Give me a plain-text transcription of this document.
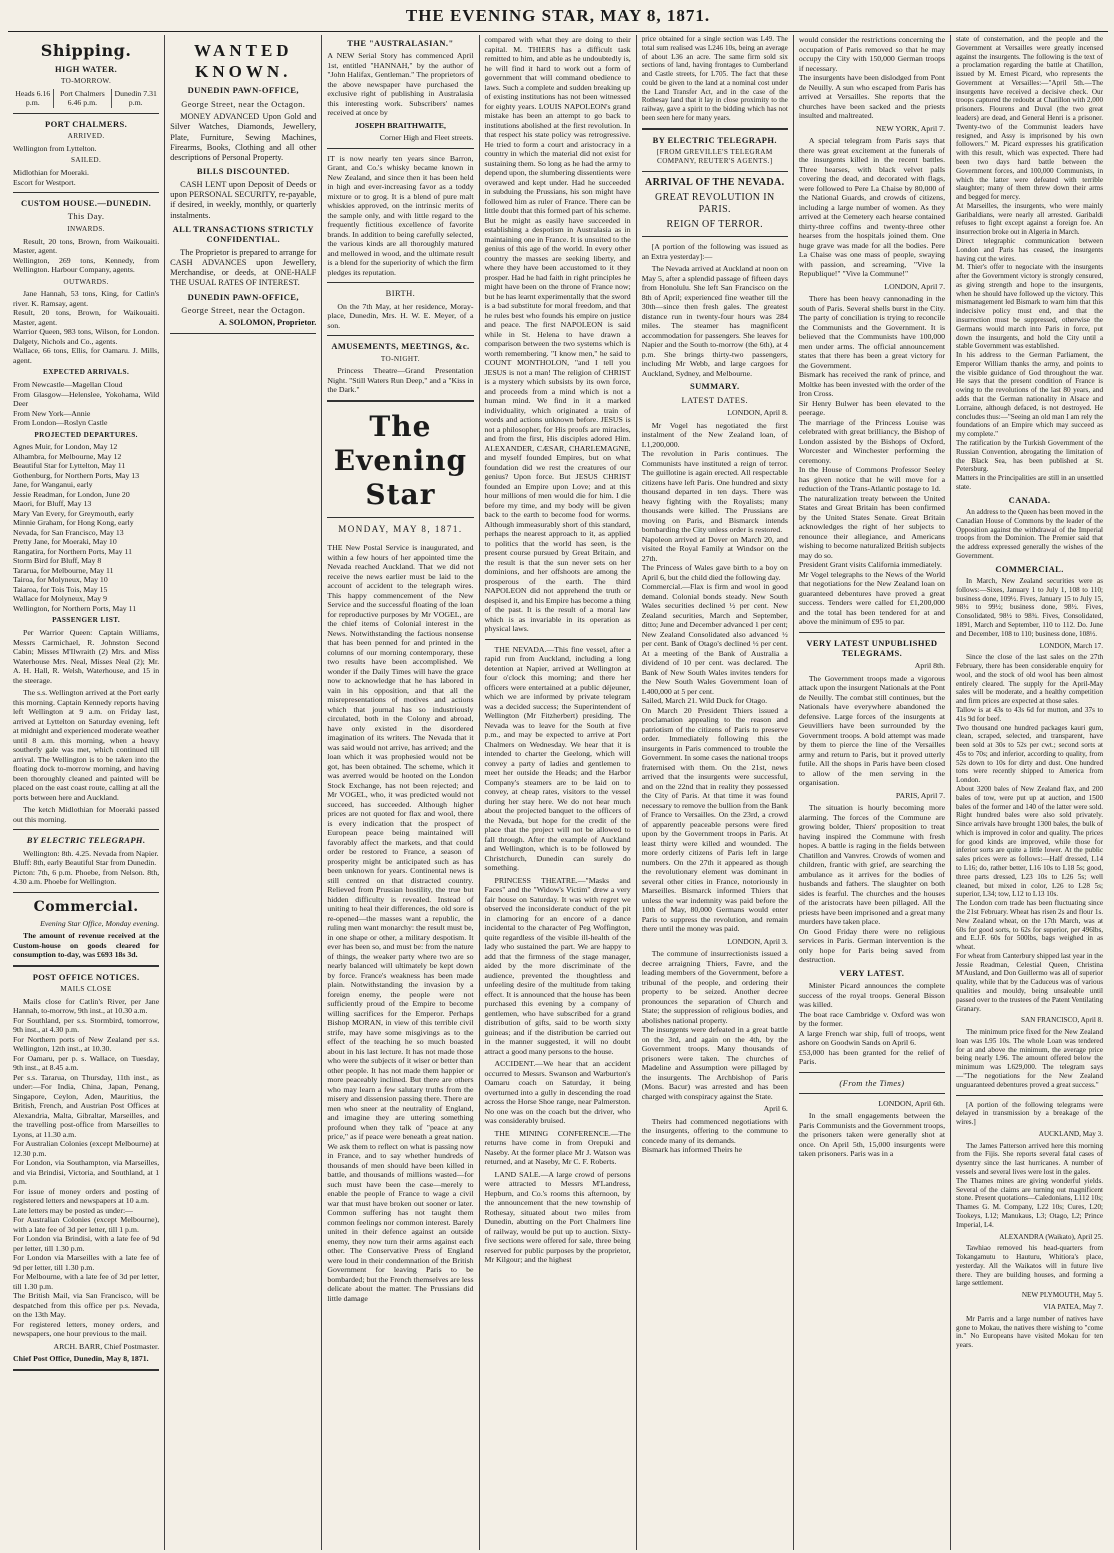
THE EVENING STAR, MAY 8, 1871.
Shipping.
HIGH WATER.
TO-MORROW.
Heads 6.16 p.m.	Port Chalmers 6.46 p.m.	Dunedin 7.31 p.m.
PORT CHALMERS.
ARRIVED.

Wellington from Lyttelton.

SAILED.

Midlothian for Moeraki.
Escort for Westport.

CUSTOM HOUSE.—DUNEDIN.
This Day.
INWARDS.

Result, 20 tons, Brown, from Waikouaiti. Master, agent.
Wellington, 269 tons, Kennedy, from Wellington. Harbour Company, agents.

OUTWARDS.

Jane Hannah, 53 tons, King, for Catlin's river. K. Ramsay, agent.
Result, 20 tons, Brown, for Waikouaiti. Master, agent.
Warrior Queen, 983 tons, Wilson, for London. Dalgety, Nichols and Co., agents.
Wallace, 66 tons, Ellis, for Oamaru. J. Mills, agent.

EXPECTED ARRIVALS.

From Newcastle—Magellan Cloud
From Glasgow—Helenslee, Yokohama, Wild Deer
From New York—Annie
From London—Roslyn Castle

PROJECTED DEPARTURES.

Agnes Muir, for London, May 12
Alhambra, for Melbourne, May 12
Beautiful Star for Lyttelton, May 11
Gothenburg, for Northern Ports, May 13
Jane, for Wanganui, early
Jessie Readman, for London, June 20
Maori, for Bluff, May 13
Mary Van Every, for Greymouth, early
Minnie Graham, for Hong Kong, early
Nevada, for San Francisco, May 13
Pretty Jane, for Moeraki, May 10
Rangatira, for Northern Ports, May 11
Storm Bird for Bluff, May 8
Tararua, for Melbourne, May 11
Tairoa, for Molyneux, May 10
Taiaroa, for Tois Tois, May 15
Wallace for Molyneux, May 9
Wellington, for Northern Ports, May 11

PASSENGER LIST.

Per Warrior Queen: Captain Williams, Messrs Carmichael, R. Johnston Second Cabin; Misses M'Ilwraith (2) Mrs. and Miss Waterhouse Mrs. Neal, Misses Neal (2); Mr. A. H. Hall, R. Welsh, Waterhouse, and 15 in the steerage.

The s.s. Wellington arrived at the Port early this morning. Captain Kennedy reports having left Wellington at 9 a.m. on Friday last, arrived at Lyttelton on Saturday evening, left at midnight and experienced moderate weather until 8 a.m. this morning, when a heavy southerly gale was met, which continued till arrival. The Wellington is to be taken into the floating dock to-morrow morning, and having been thoroughly cleaned and painted will be placed on the east coast route, calling at all the ports between here and Auckland.

The ketch Midlothian for Moeraki passed out this morning.

BY ELECTRIC TELEGRAPH.

Wellington: 8th. 4.25. Nevada from Napier.
Bluff: 8th, early Beautiful Star from Dunedin.
Picton: 7th, 6 p.m. Phoebe, from Nelson. 8th, 4.30 a.m. Phoebe for Wellington.

Commercial.

Evening Star Office, Monday evening.

The amount of revenue received at the Custom-house on goods cleared for consumption to-day, was £693 18s 3d.

POST OFFICE NOTICES.
MAILS CLOSE

Mails close for Catlin's River, per Jane Hannah, to-morrow, 9th inst., at 10.30 a.m.
For Southland, per s.s. Stormbird, tomorrow, 9th inst., at 4.30 p.m.
For Northern ports of New Zealand per s.s. Wellington, 12th inst., at 10.30.
For Oamaru, per p. s. Wallace, on Tuesday, 9th inst., at 8.45 a.m.
Per s.s. Tararua, on Thursday, 11th inst., as under:—For India, China, Japan, Penang, Singapore, Ceylon, Aden, Mauritius, the British, French, and Austrian Post Offices at Alexandria, Malta, Gibraltar, Marseilles, and the travelling post-office from Marseilles to Lyons, at 11.30 a.m.
For Australian Colonies (except Melbourne) at 12.30 p.m.
For London, via Southampton, via Marseilles, and via Brindisi, Victoria, and Southland, at 1 p.m.
For issue of money orders and posting of registered letters and newspapers at 10 a.m.
Late letters may be posted as under:—
For Australian Colonies (except Melbourne), with a late fee of 3d per letter, till 1 p.m.
For London via Brindisi, with a late fee of 9d per letter, till 1.30 p.m.
For London via Marseilles with a late fee of 9d per letter, till 1.30 p.m.
For Melbourne, with a late fee of 3d per letter, till 1.30 p.m.
The British Mail, via San Francisco, will be despatched from this office per p.s. Nevada, on the 13th May.
For registered letters, money orders, and newspapers, one hour previous to the mail.

ARCH. BARR, Chief Postmaster.

Chief Post Office, Dunedin, May 8, 1871.

WANTED KNOWN.
DUNEDIN PAWN-OFFICE,
George Street, near the Octagon.

MONEY ADVANCED Upon Gold and Silver Watches, Diamonds, Jewellery, Plate, Furniture, Sewing Machines, Firearms, Books, Clothing and all other descriptions of Personal Property.

BILLS DISCOUNTED.

CASH LENT upon Deposit of Deeds or upon PERSONAL SECURITY, re-payable, if desired, in weekly, monthly, or quarterly instalments.

ALL TRANSACTIONS STRICTLY CONFIDENTIAL.

The Proprietor is prepared to arrange for CASH ADVANCES upon Jewellery, Merchandise, or deeds, at ONE-HALF THE USUAL RATES OF INTEREST.

DUNEDIN PAWN-OFFICE,
George Street, near the Octagon.

A. SOLOMON, Proprietor.

THE "AUSTRALASIAN."

A NEW Serial Story has commenced April 1st, entitled "HANNAH," by the author of "John Halifax, Gentleman." The proprietors of the above newspaper have purchased the exclusive right of publishing in Australasia this interesting work. Subscribers' names received at once by

JOSEPH BRAITHWAITE,

Corner High and Fleet streets.

IT is now nearly ten years since Barron, Grant, and Co.'s whisky became known in New Zealand, and since then it has been held in high and ever-increasing favor as a toddy mixture or to grog. It is a blend of pure malt whiskies approved, on the intrinsic merits of the sample only, and with little regard to the frequently fictitious excellence of favorite brands. In addition to being carefully selected, the various kinds are all thoroughly matured and mellowed in wood, and the ultimate result is a blend for the superiority of which the firm pledges its reputation.

BIRTH.

On the 7th May, at her residence, Moray-place, Dunedin, Mrs. H. W. E. Meyer, of a son.

AMUSEMENTS, MEETINGS, &c.
TO-NIGHT.

Princess Theatre—Grand Presentation Night. "Still Waters Run Deep," and a "Kiss in the Dark."

The Evening Star
MONDAY, MAY 8, 1871.

THE New Postal Service is inaugurated, and within a few hours of her appointed time the Nevada reached Auckland. That we did not receive the news earlier must be laid to the account of accident to the telegraph wires. This happy commencement of the New Service and the successful floating of the loan for reproductive purposes by Mr VOGEL, are the chief items of Colonial interest in the News. Notwithstanding the factious nonsense that has been penned for and printed in the columns of our morning contemporary, these two results have been accomplished. We wonder if the Daily Times will have the grace now to acknowledge that he has labored in vain in his opposition, and that all the misrepresentations of motives and actions which that journal has so industriously circulated, both in the Colony and abroad, have only existed in the disordered imagination of its writers. The Nevada that it was said would not arrive, has arrived; and the loan which it was prophesied would not be got, has been obtained. The scheme, which it was averred would be hooted on the London Stock Exchange, has not been rejected; and Mr VOGEL, who, it was predicted would not succeed, has succeeded. Although higher prices are not quoted for flax and wool, there is every indication that the prospect of European peace being maintained will favorably affect the markets, and that could order be restored to France, a season of prosperity might be anticipated such as has been unknown for years. Continental news is still centred on that distracted country. Relieved from Prussian hostility, the true but hidden difficulty is revealed. Instead of uniting to heal their differences, the old sore is re-opened—the masses want a republic, the ruling men want monarchy: the result must be, in one shape or other, a military despotism. It ever has been so, and must be: from the nature of things, the weaker party where two are so nearly balanced will ultimately be kept down by force. France's weakness has been made plain. Notwithstanding the invasion by a foreign enemy, the people were not sufficiently proud of the Empire to become willing sacrifices for the Emperor. Perhaps Bishop MORAN, in view of this terrible civil strife, may have some misgivings as to the effect of the teaching he so much boasted about in his last lecture. It has not made those who were the subjects of it wiser or better than other people. It has not made them happier or more peaceably inclined. But there are others who may learn a few salutary truths from the misery and dissension passing there. There are men who sneer at the neutrality of England, and imagine they are uttering something profound when they talk of "peace at any price," as if peace were beneath a great nation. We ask them to reflect on what is passing now in France, and to say whether hundreds of thousands of men should have been killed in battle, and thousands of millions wasted—for such must have been the case—merely to enable the people of France to wage a civil war that must have broken out sooner or later. Common suffering has not taught them common feelings nor common interest. Barely united in their defence against an outside enemy, they now turn their arms against each other. The Conservative Press of England were loud in their condemnation of the British Government for leaving Paris to be bombarded; but the French themselves are less delicate about the matter. The Prussians did little damage

compared with what they are doing to their capital. M. THIERS has a difficult task remitted to him, and able as he undoubtedly is, he will find it hard to work out a form of government that will command obedience to laws. Such a complete and sudden breaking up of existing institutions has not been witnessed for eighty years. LOUIS NAPOLEON's grand mistake has been an attempt to go back to institutions abolished at the first revolution. In that respect his state policy was retrogressive. He tried to form a court and aristocracy in a country in which the material did not exist for sustaining them. So long as he had the army to depend upon, the slumbering dissentients were overawed and kept under. Had he succeeded in subduing the Prussians, his son might have followed him as ruler of France. There can be little doubt that this formed part of his scheme. But he might as easily have succeeded in establishing a despotism in Australasia as in maintaining one in France. It is unsuited to the genius of this age of the world. In every other country the masses are seeking liberty, and where they have been accustomed to it they prosper. Had he had faith in right principles he might have been on the throne of France now; but he has learnt experimentally that the sword is a bad substitute for moral freedom, and that he rules best who founds his empire on justice and peace. The first NAPOLEON is said while in St. Helena to have drawn a comparison between the two systems which is worth remembering. "I know men," he said to COUNT MONTHOLON, "and I tell you JESUS is not a man! The religion of CHRIST is a mystery which subsists by its own force, and proceeds from a mind which is not a human mind. We find in it a marked individuality, which originated a train of words and actions unknown before. JESUS is not a philosopher, for His proofs are miracles, and from the first, His disciples adored Him. ALEXANDER, CÆSAR, CHARLEMAGNE, and myself founded Empires, but on what foundation did we rest the creatures of our genius? Upon force. But JESUS CHRIST founded an Empire upon Love; and at this hour millions of men would die for him. I die before my time, and my body will be given back to the earth to become food for worms. Although immeasurably short of this standard, perhaps the nearest approach to it, as applied to politics that the world has seen, is the present course pursued by Great Britain, and the result is that the sun never sets on her dominions, and her offshoots are among the prosperous of the earth. The third NAPOLEON did not apprehend the truth or despised it, and his Empire has become a thing of the past. It is the result of a moral law which is as invariable in its operation as physical laws.

THE NEVADA.—This fine vessel, after a rapid run from Auckland, including a long detention at Napier, arrived at Wellington at four o'clock this morning; and there her officers were entertained at a public déjeuner, which we are informed by private telegram was a decided success; the Superintendent of Wellington (Mr Fitzherbert) presiding. The Nevada was to leave for the South at five p.m., and may be expected to arrive at Port Chalmers on Wednesday. We hear that it is intended to charter the Geelong, which will convey a party of ladies and gentlemen to meet her outside the Heads; and the Harbor Company's steamers are to be laid on to convey, at cheap rates, visitors to the vessel during her stay here. We do not hear much about the projected banquet to the officers of the Nevada, but hope for the credit of the place that the project will not be allowed to fall through. After the example of Auckland and Wellington, which is to be followed by Christchurch, Dunedin can surely do something.

PRINCESS THEATRE.—"Masks and Faces" and the "Widow's Victim" drew a very fair house on Saturday. It was with regret we observed the inconsiderate conduct of the pit in clamoring for an encore of a dance incidental to the character of Peg Woffington, quite regardless of the visible ill-health of the lady who sustained the part. We are happy to add that the firmness of the stage manager, aided by the more discriminate of the audience, prevented the thoughtless and unfeeling desire of the multitude from taking effect. It is announced that the house has been purchased this evening by a company of gentlemen, who have subscribed for a grand distribution of gifts, said to be worth sixty guineas; and if the distribution be carried out in the manner suggested, it will no doubt attract a good many persons to the house.

ACCIDENT.—We hear that an accident occurred to Messrs. Swanson and Warburton's Oamaru coach on Saturday, it being overturned into a gully in descending the road across the Horse Shoe range, near Palmerston. No one was on the coach but the driver, who was considerably bruised.

THE MINING CONFERENCE.—The returns have come in from Orepuki and Naseby. At the former place Mr J. Watson was returned, and at Naseby, Mr C. F. Roberts.

LAND SALE.—A large crowd of persons were attracted to Messrs M'Landress, Hepburn, and Co.'s rooms this afternoon, by the announcement that the new township of Rothesay, situated about two miles from Dunedin, abutting on the Port Chalmers line of railway, would be put up to auction. Sixty-five sections were offered for sale, three being reserved for public purposes by the proprietor, Mr Kilgour; and the highest

price obtained for a single section was L49. The total sum realised was L246 10s, being an average of about L36 an acre. The same firm sold six sections of land, having frontages to Cumberland and Castle streets, for L705. The fact that these could be given to the land at a nominal cost under the Land Transfer Act, and in the case of the Rothesay land that it lay in close proximity to the railway, gave a spirit to the bidding which has not been seen here for many years.

BY ELECTRIC TELEGRAPH.
[FROM GREVILLE'S TELEGRAM COMPANY, REUTER'S AGENTS.]
ARRIVAL OF THE NEVADA.
GREAT REVOLUTION IN PARIS.
REIGN OF TERROR.

[A portion of the following was issued as an Extra yesterday]:—

The Nevada arrived at Auckland at noon on May 5, after a splendid passage of fifteen days from Honolulu. She left San Francisco on the 8th of April; experienced fine weather till the 30th—since then fresh gales. The greatest distance run in twenty-four hours was 284 miles. The steamer has magnificent accommodation for passengers. She leaves for Napier and the South to-morrow (the 6th), at 4 p.m. She brings thirty-two passengers, including Mr Webb, and large cargoes for Auckland, Sydney, and Melbourne.

SUMMARY.
LATEST DATES.

LONDON, April 8.

Mr Vogel has negotiated the first instalment of the New Zealand loan, of L1,200,000.
The revolution in Paris continues. The Communists have instituted a reign of terror. The guillotine is again erected. All respectable citizens have left Paris. One hundred and sixty thousand departed in ten days. There was heavy fighting with the Royalists; many thousands were killed. The Prussians are moving on Paris, and Bismarck intends bombarding the City unless order is restored.
Napoleon arrived at Dover on March 20, and visited the Royal Family at Windsor on the 27th.
The Princess of Wales gave birth to a boy on April 6, but the child died the following day.
Commercial.—Flax is firm and wool in good demand. Colonial bonds steady. New South Wales securities declined ½ per cent. New Zealand securities, March and September, ditto; June and December advanced 1 per cent; New Zealand Consolidated also advanced ½ per cent. Bank of Otago's declined ½ per cent. At a meeting of the Bank of Australia a dividend of 10 per cent. was declared. The Bank of New South Wales invites tenders for the New South Wales Government loan of L400,000 at 5 per cent.
Sailed, March 21. Wild Duck for Otago.
On March 20 President Thiers issued a proclamation appealing to the reason and patriotism of the citizens of Paris to preserve order. Immediately following this the insurgents in Paris commenced to trouble the Government. In some cases the national troops fraternised with them. On the 21st, news arrived that the insurgents were successful, and on the 22nd that in reality they possessed the City of Paris. At that time it was found necessary to remove the bullion from the Bank of France to Versailles. On the 23rd, a crowd of apparently peaceable persons were fired upon by the Government troops in Paris. At least thirty were killed and wounded. The more orderly citizens of Paris left in large numbers. On the 27th it appeared as though the revolutionary element was dominant in several other cities in France, notoriously in Marseilles. Bismarck informed Thiers that unless the war indemnity was paid before the 10th of May, 80,000 Germans would enter Paris to suppress the revolution, and remain there until the money was paid.

LONDON, April 3.

The commune of insurrectionists issued a decree arraigning Thiers, Favre, and the leading members of the Government, before a tribunal of the people, and ordering their property to be seized. Another decree pronounces the separation of Church and State; the suppression of religious bodies, and abolishes national property.
The insurgents were defeated in a great battle on the 3rd, and again on the 4th, by the Government troops. Many thousands of prisoners were taken. The churches of Madeline and Assumption were pillaged by the insurgents. The Archbishop of Paris (Mons. Bacur) was arrested and has been charged with conspiracy against the State.

April 6.

Theirs had commenced negotiations with the insurgents, offering to the commune to concede many of its demands.
Bismark has informed Theirs he

would consider the restrictions concerning the occupation of Paris removed so that he may occupy the City with 150,000 German troops if necessary.
The insurgents have been dislodged from Pont de Neuilly. A sun who escaped from Paris has arrived at Versailles. She reports that the churches have been sacked and the priests insulted and maltreated.

NEW YORK, April 7.

A special telegram from Paris says that there was great excitement at the funerals of the insurgents killed in the recent battles. Three hearses, with black velvet palls covering the dead, and decorated with flags, were followed to Pere La Chaise by 80,000 of the National Guards, and crowds of citizens, including a large number of women. As they arrived at the Cemetery each hearse contained thirty-three coffins and twenty-three other hearses from the hospitals joined them. One huge grave was made for all the bodies. Pere La Chaise was one mass of people, swaying with passion, and screaming, "Vive la Republique!" "Vive la Commune!"

LONDON, April 7.

There has been heavy cannonading in the south of Paris. Several shells burst in the City. The party of conciliation is trying to reconcile the Communists and the Government. It is believed that the Communists have 100,000 men under arms. The official announcement states that there has been a great victory for the Government.
Bismark has received the rank of prince, and Moltke has been invested with the order of the Iron Cross.
Sir Henry Bulwer has been elevated to the peerage.
The marriage of the Princess Louise was celebrated with great brilliancy, the Bishop of London assisted by the Bishops of Oxford, Worcester and Winchester performing the ceremony.
In the House of Commons Professor Seeley has given notice that he will move for a reduction of the Trans-Atlantic postage to 1d.
The naturalization treaty between the United States and Great Britain has been confirmed by the United States Senate. Great Britain acknowledges the right of her subjects to renounce their allegiance, and Americans wishing to become naturalized British subjects may do so.
President Grant visits California immediately.
Mr Vogel telegraphs to the News of the World that negotiations for the New Zealand loan on guaranteed debentures have proved a great success. Tenders were called for £1,200,000 and the total has been tendered for at and above the minimum of £95 to par.

VERY LATEST UNPUBLISHED TELEGRAMS.

April 8th.

The Government troops made a vigorous attack upon the insurgent Nationals at the Pont de Neuilly. The combat still continues, but the Nationals have everywhere abandoned the defensive. Large forces of the insurgents at Geuvilliers have been surrounded by the Government troops. A bold attempt was made by them to pierce the line of the Versailles army and return to Paris, but it proved utterly futile. All the shops in Paris have been closed to allow of the men serving in the organisation.

PARIS, April 7.

The situation is hourly becoming more alarming. The forces of the Commune are growing bolder, Thiers' proposition to treat having inspired the Commune with fresh hopes. A battle is raging in the fields between Chatillon and Vanvres. Crowds of women and children, frantic with grief, are searching the ambulance as it arrives for the bodies of husbands and fathers. The slaughter on both sides is fearful. The churches and the houses of the aristocrats have been pillaged. All the priests have been imprisoned and a great many murders have taken place.
On Good Friday there were no religious services in Paris. German intervention is the only hope for Paris being saved from destruction.

VERY LATEST.

Minister Picard announces the complete success of the royal troops. General Bisson was killed.
The boat race Cambridge v. Oxford was won by the former.
A large French war ship, full of troops, went ashore on Goodwin Sands on April 6.
£53,000 has been granted for the relief of Paris.

(From the Times)

LONDON, April 6th.

In the small engagements between the Paris Communists and the Government troops, the prisoners taken were generally shot at once. On April 5th, 15,000 insurgents were taken prisoners. Paris was in a

state of consternation, and the people and the Government at Versailles were greatly incensed against the insurgents. The following is the text of a proclamation regarding the battle at Chatillon, issued by M. Ernest Picard, who represents the Government at Versailles:—"April 5th.—The insurgents have received a decisive check. Our troops captured the redoubt at Chatillon with 2,000 prisoners. Flourens and Duval (the two great leaders) are dead, and General Henri is a prisoner. Twenty-two of the Communist leaders have resigned, and Assy is imprisoned by his own followers." M. Picard expresses his gratification with this result, which was expected. There had been two days hard battle between the Government forces, and 100,000 Communists, in which the latter were defeated with terrible slaughter; many of them threw down their arms and begged for mercy.
At Marseilles, the insurgents, who were mainly Garibaldians, were nearly all arrested. Garibaldi refuses to fight except against a foreign foe. An insurrection broke out in Algeria in March.
Direct telegraphic communication between London and Paris has ceased, the insurgents having cut the wires.
M. Thier's offer to negociate with the insurgents after the Government victory is strongly censured, as giving strength and hope to the insurgents, when he should have followed up the victory. This mismanagement led Bismark to warn him that this indecisive policy must end, and that the insurrection must be suppressed, otherwise the Germans would march into Paris in force, put down the insurgents, and hold the City until a stable Government was established.
In his address to the German Parliament, the Emperor William thanks the army, and points to the visible guidance of God throughout the war. He says that the present condition of France is owing to the revolutions of the last 80 years, and adds that the German nationality in Alsace and Lorraine, although defaced, is not destroyed. He concludes thus:—"Seeing an old man I am rely the foundations of an Empire which may succeed as my complete."
The ratification by the Turkish Government of the Russian Convention, abrogating the limitation of the Black Sea, has been published at St. Petersburg.
Matters in the Principalities are still in an unsettled state.

CANADA.

An address to the Queen has been moved in the Canadian House of Commons by the leader of the Opposition against the withdrawal of the Imperial troops from the Dominion. The Premier said that the address expressed generally the wishes of the Government.

COMMERCIAL.

In March, New Zealand securities were as follows:—Sixes, January 1 to July 1, 108 to 110; business done, 109½. Fives, January 15 to July 15, 98½ to 99½; business done, 98½. Fives, Consolidated, 98½ to 98¾. Fives, Consolidated, 1891, March and September, 110 to 112. Do. June and December, 108 to 110; business done, 108½.

LONDON, March 17.

Since the close of the last sales on the 27th February, there has been considerable enquiry for wool, and the stock of old wool has been almost entirely cleared. The supply for the April-May sales will be moderate, and a healthy competition and firm prices are expected at those sales.
Tallow is at 43s to 43s 6d for mutton, and 37s to 41s 9d for beef.
Two thousand one hundred packages kauri gum, clean, scraped, selected, and transparent, have been sold at 30s to 52s per cwt.; second sorts at 45s to 70s; and inferior, according to quality, from 52s down to 10s for dirty and dust. One hundred tons were recently shipped to America from London.
About 3200 bales of New Zealand flax, and 200 bales of tow, were put up at auction, and 1500 bales of the former and 140 of the latter were sold. Right hundred bales were also sold privately. Since arrivals have brought 1300 bales, the bulk of which is improved in color and quality. The prices for good kinds are improved, while those for inferior sorts are quite a little lower. At the public sales prices were as follows:—Half dressed, L14 to L16; do, rather better, L16 10s to L18 5s; good, three parts dressed, L23 10s to L26 5s; well cleaned, but mixed in color, L26 to L28 5s; superior, L34; tow, L12 to L13 10s.
The London corn trade has been fluctuating since the 21st February. Wheat has risen 2s and flour 1s. New Zealand wheat, on the 17th March, was at 60s for good sorts, to 62s for superior, per 496lbs, and E.J.F. 60s for 500lbs, bags weighed in as wheat.
For wheat from Canterbury shipped last year in the Jessie Readman, Celestial Queen, Christina M'Ausland, and Don Guillermo was all of superior quality, while that by the Caduceus was of various qualities and mouldy, being unsaleable until passed over to the trustees of the Patent Ventilating Granary.

SAN FRANCISCO, April 8.

The minimum price fixed for the New Zealand loan was L95 10s. The whole Loan was tendered for at and above the minimum, the average price being nearly L96. The amount offered below the minimum was L629,000. The telegram says—"The negotiations for the New Zealand unguaranteed debentures proved a great success."

[A portion of the following telegrams were delayed in transmission by a breakage of the wires.]

AUCKLAND, May 3.

The James Patterson arrived here this morning from the Fijis. She reports several fatal cases of dysentry since the last hurricanes. A number of vessels and several lives were lost in the gales.
The Thames mines are giving wonderful yields. Several of the claims are turning out magnificent stone. Present quotations—Caledonians, L112 10s; Thames G. M. Company, L22 10s; Cures, L20; Tookeys, L12; Manukaus, L3; Otago, L2; Prince Imperial, L4.

ALEXANDRA (Waikato), April 25.

Tawhiao removed his head-quarters from Tokangamutu to Hauturu, Whitiora's place, yesterday. All the Waikatos will in future live there. They are building houses, and forming a large settlement.

NEW PLYMOUTH, May 5.

VIA PATEA, May 7.

Mr Parris and a large number of natives have gone to Mokau, the natives there wishing to "come in." No Europeans have visited Mokau for ten years.
